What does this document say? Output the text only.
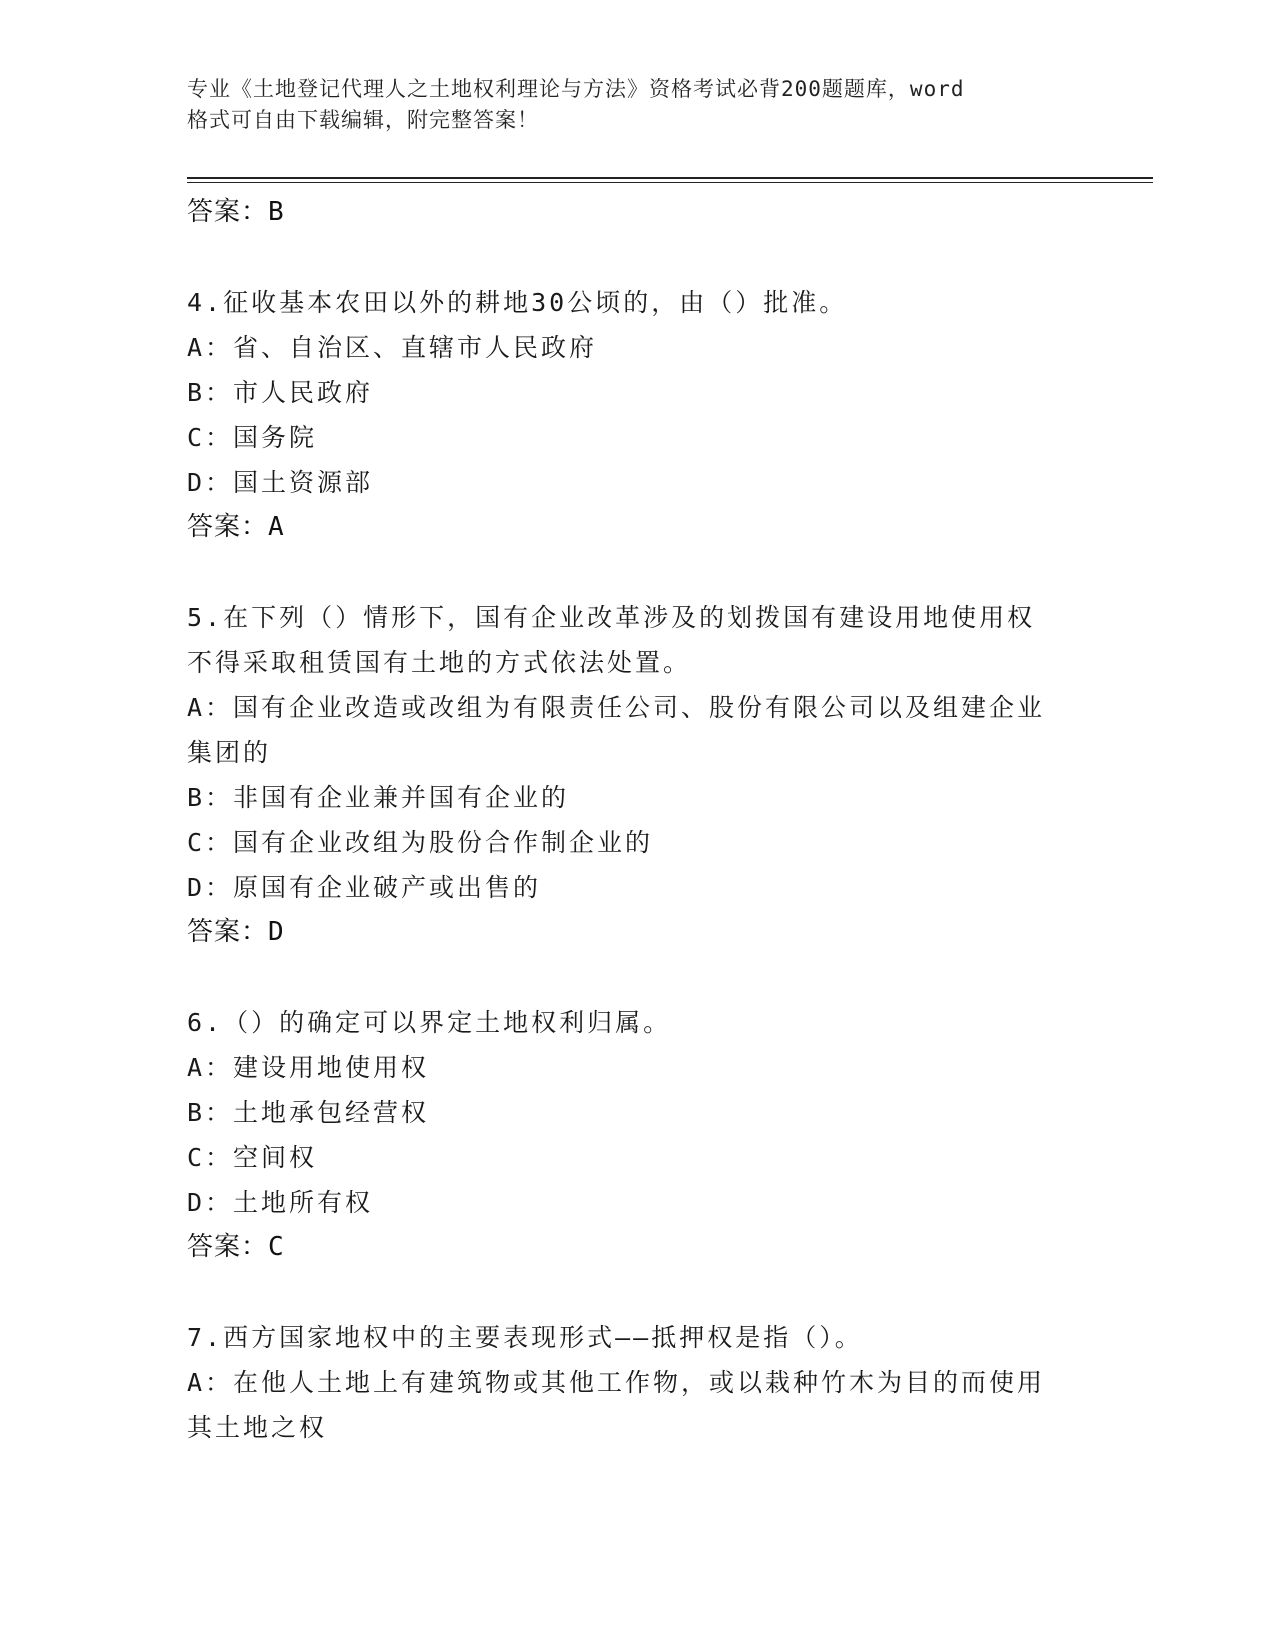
专业《土地登记代理人之土地权利理论与方法》资格考试必背200题题库，word
格式可自由下载编辑，附完整答案！
答案：B
4.征收基本农田以外的耕地30公顷的，由（）批准。
A：省、自治区、直辖市人民政府
B：市人民政府
C：国务院
D：国土资源部
答案：A
5.在下列（）情形下，国有企业改革涉及的划拨国有建设用地使用权
不得采取租赁国有土地的方式依法处置。
A：国有企业改造或改组为有限责任公司、股份有限公司以及组建企业
集团的
B：非国有企业兼并国有企业的
C：国有企业改组为股份合作制企业的
D：原国有企业破产或出售的
答案：D
6.（）的确定可以界定土地权利归属。
A：建设用地使用权
B：土地承包经营权
C：空间权
D：土地所有权
答案：C
7.西方国家地权中的主要表现形式——抵押权是指（）。
A：在他人土地上有建筑物或其他工作物，或以栽种竹木为目的而使用
其土地之权
